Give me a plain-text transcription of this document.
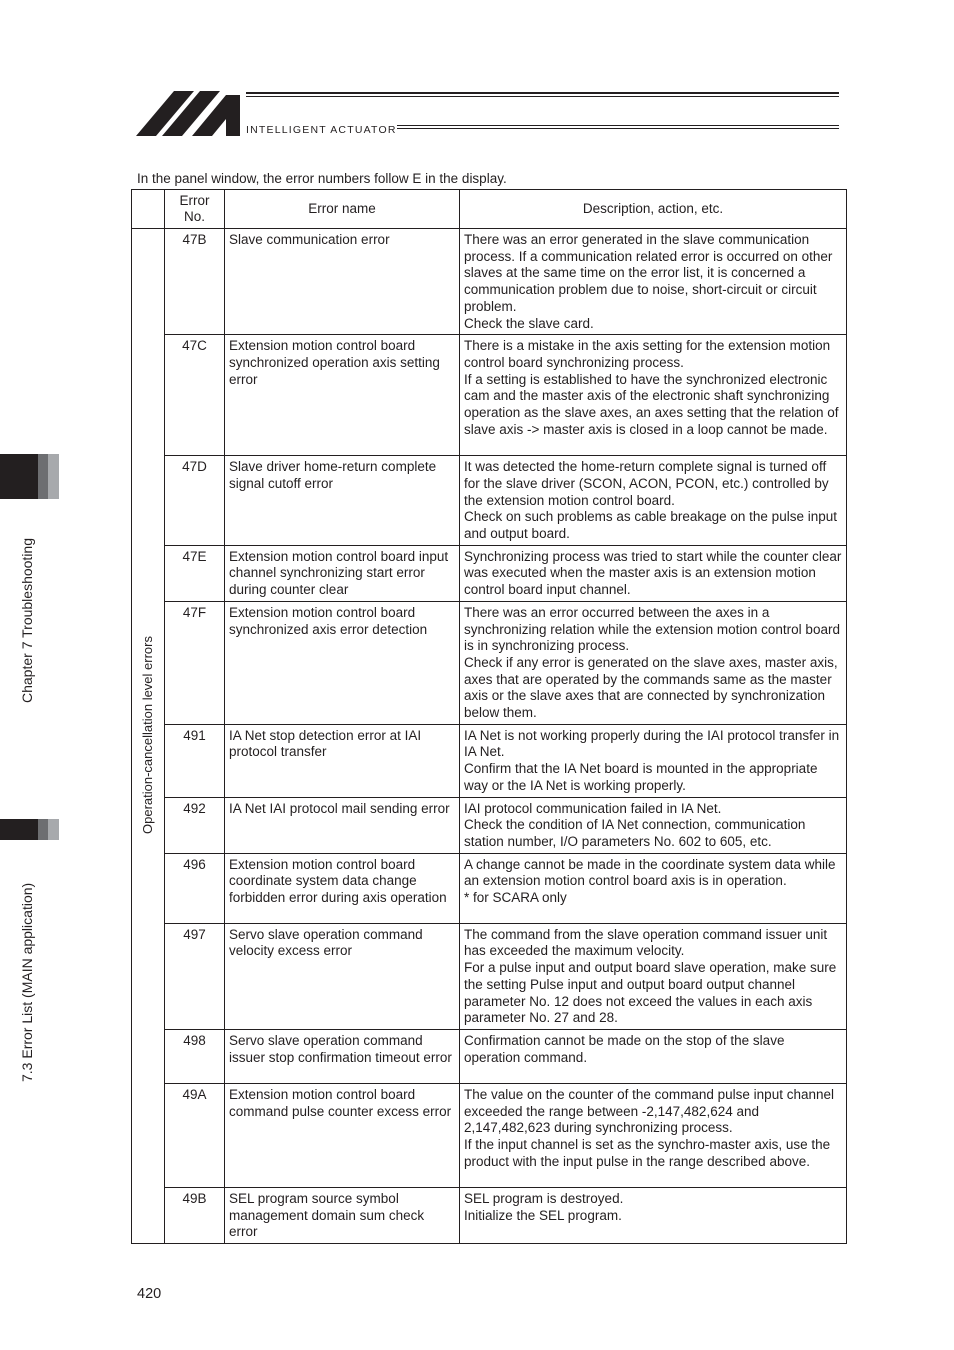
INTELLIGENT ACTUATOR
In the panel window, the error numbers follow E in the display.
	Error No.	Error name	Description, action, etc.

Operation-cancellation level errors	47B	Slave communication error	There was an error generated in the slave communication process. If a communication related error is occurred on other slaves at the same time on the error list, it is concerned a communication problem due to noise, short-circuit or circuit problem.
Check the slave card.

	47C	Extension motion control board synchronized operation axis setting error	There is a mistake in the axis setting for the extension motion control board synchronizing process.
If a setting is established to have the synchronized electronic cam and the master axis of the electronic shaft synchronizing operation as the slave axes, an axes setting that the relation of slave axis -> master axis is closed in a loop cannot be made.

	47D	Slave driver home-return complete signal cutoff error	It was detected the home-return complete signal is turned off for the slave driver (SCON, ACON, PCON, etc.) controlled by the extension motion control board.
Check on such problems as cable breakage on the pulse input and output board.

	47E	Extension motion control board input channel synchronizing start error during counter clear	Synchronizing process was tried to start while the counter clear was executed when the master axis is an extension motion control board input channel.

	47F	Extension motion control board synchronized axis error detection	There was an error occurred between the axes in a synchronizing relation while the extension motion control board is in synchronizing process.
Check if any error is generated on the slave axes, master axis, axes that are operated by the commands same as the master axis or the slave axes that are connected by synchronization below them.

	491	IA Net stop detection error at IAI protocol transfer	IA Net is not working properly during the IAI protocol transfer in IA Net.
Confirm that the IA Net board is mounted in the appropriate way or the IA Net is working properly.

	492	IA Net IAI protocol mail sending error	IAI protocol communication failed in IA Net.
Check the condition of IA Net connection, communication station number, I/O parameters No. 602 to 605, etc.

	496	Extension motion control board coordinate system data change forbidden error during axis operation	A change cannot be made in the coordinate system data while an extension motion control board axis is in operation.
* for SCARA only

	497	Servo slave operation command velocity excess error	The command from the slave operation command issuer unit has exceeded the maximum velocity.
For a pulse input and output board slave operation, make sure the setting Pulse input and output board output channel parameter No. 12 does not exceed the values in each axis parameter No. 27 and 28.

	498	Servo slave operation command issuer stop confirmation timeout error	Confirmation cannot be made on the stop of the slave operation command.

	49A	Extension motion control board command pulse counter excess error	The value on the counter of the command pulse input channel exceeded the range between -2,147,482,624 and 2,147,482,623 during synchronizing process.
If the input channel is set as the synchro-master axis, use the product with the input pulse in the range described above.

	49B	SEL program source symbol management domain sum check error	SEL program is destroyed.
Initialize the SEL program.
Chapter 7 Troubleshooting
7.3 Error List (MAIN application)
420
